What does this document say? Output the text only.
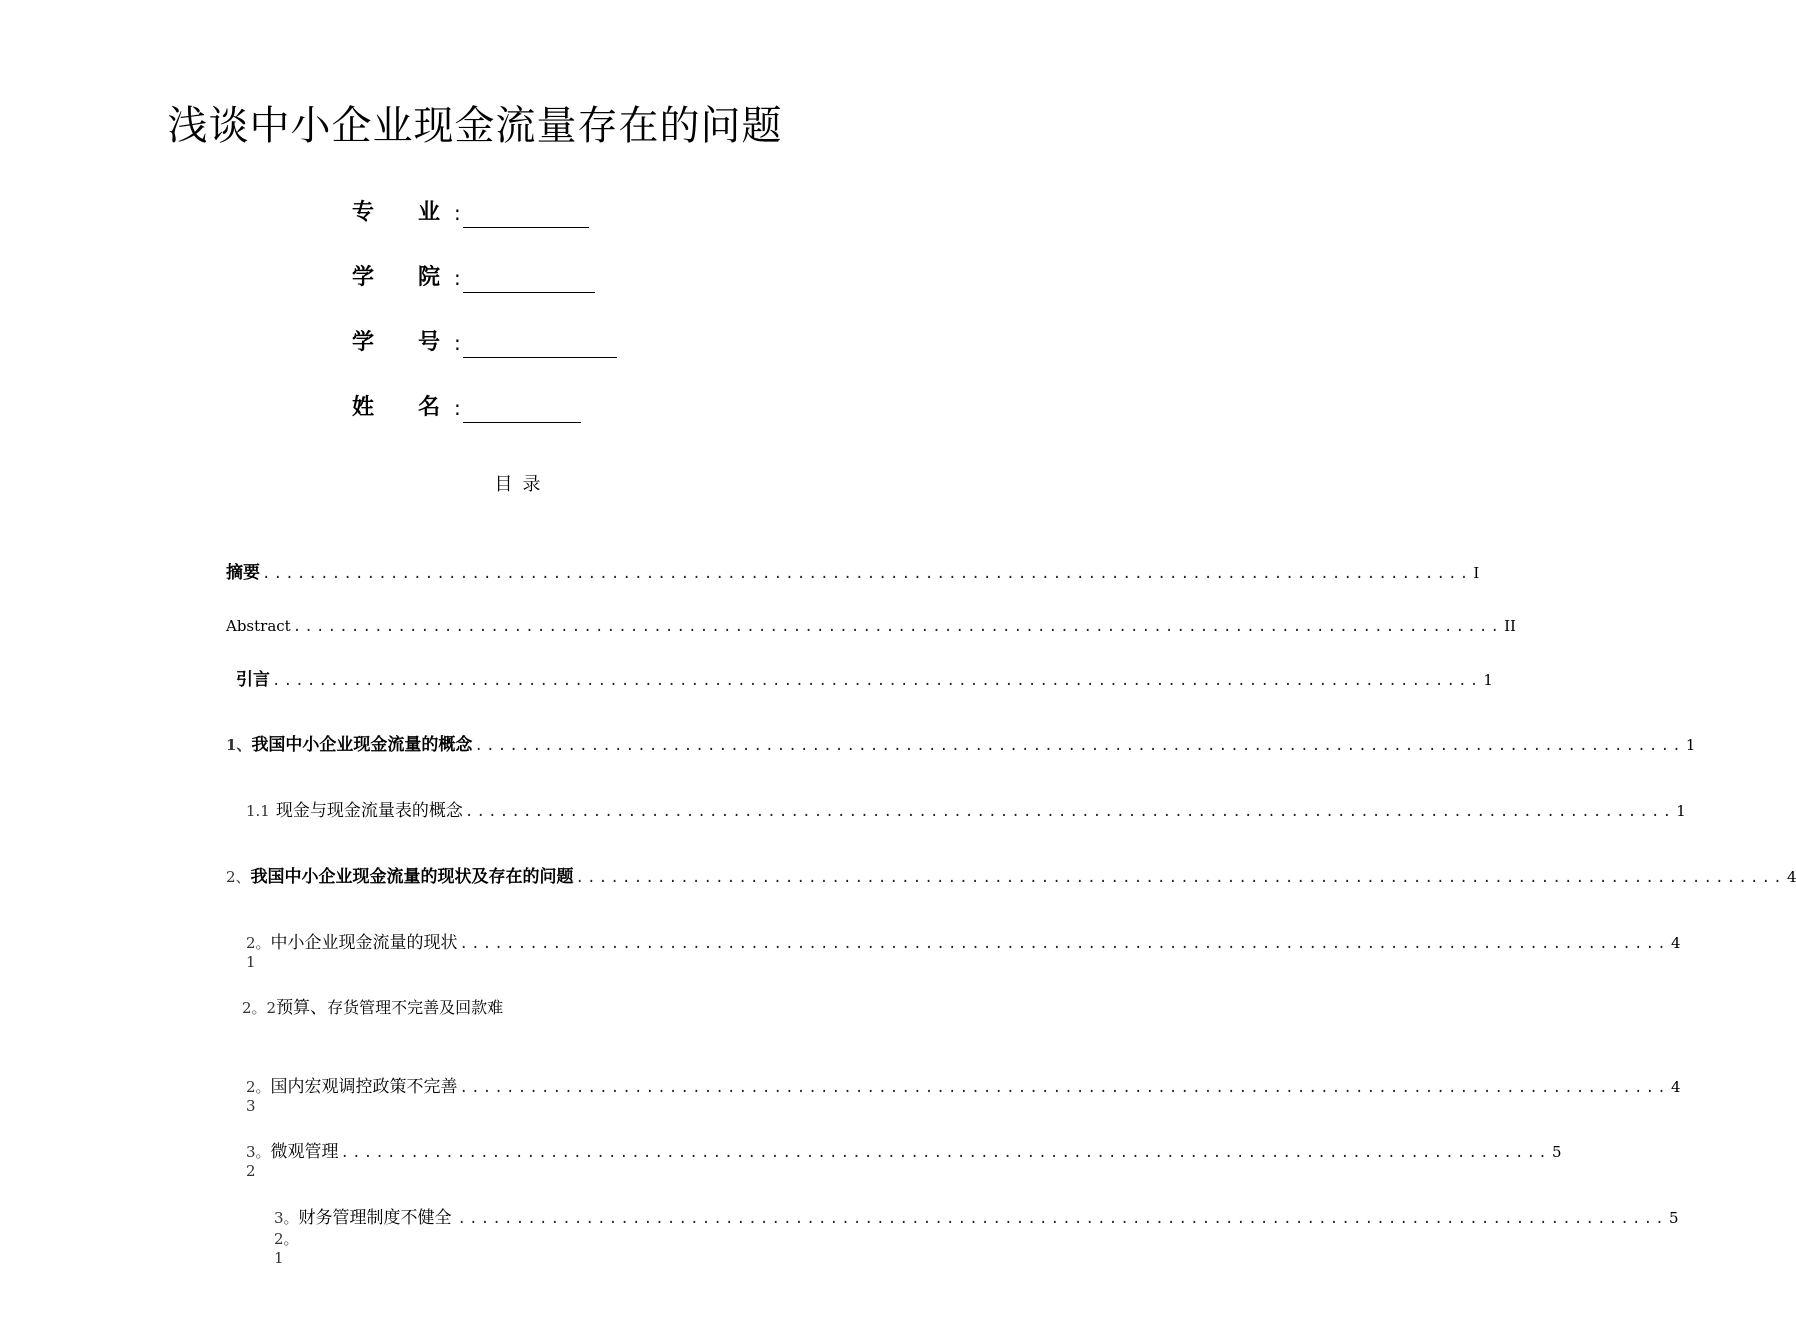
浅谈中小企业现金流量存在的问题
专　　业 :
学　　院 :
学　　号 :
姓　　名 :
目录
摘要 ........................................................................................................ I
Abstract ........................................................................................................ II
引言 ........................................................................................................ 1
1、 我国中小企业现金流量的概念 ........................................................................................................ 1
1.1 现金与现金流量表的概念 ........................................................................................................ 1
2、 我国中小企业现金流量的现状及存在的问题 ........................................................................................................ 4
2。1
中小企业现金流量的现状 ........................................................................................................ 4
2。2预算、存货管理不完善及回款难
2。3
国内宏观调控政策不完善 ........................................................................................................ 4
3。2
微观管理 ........................................................................................................ 5
3。2。1
财务管理制度不健全 ........................................................................................................ 5
